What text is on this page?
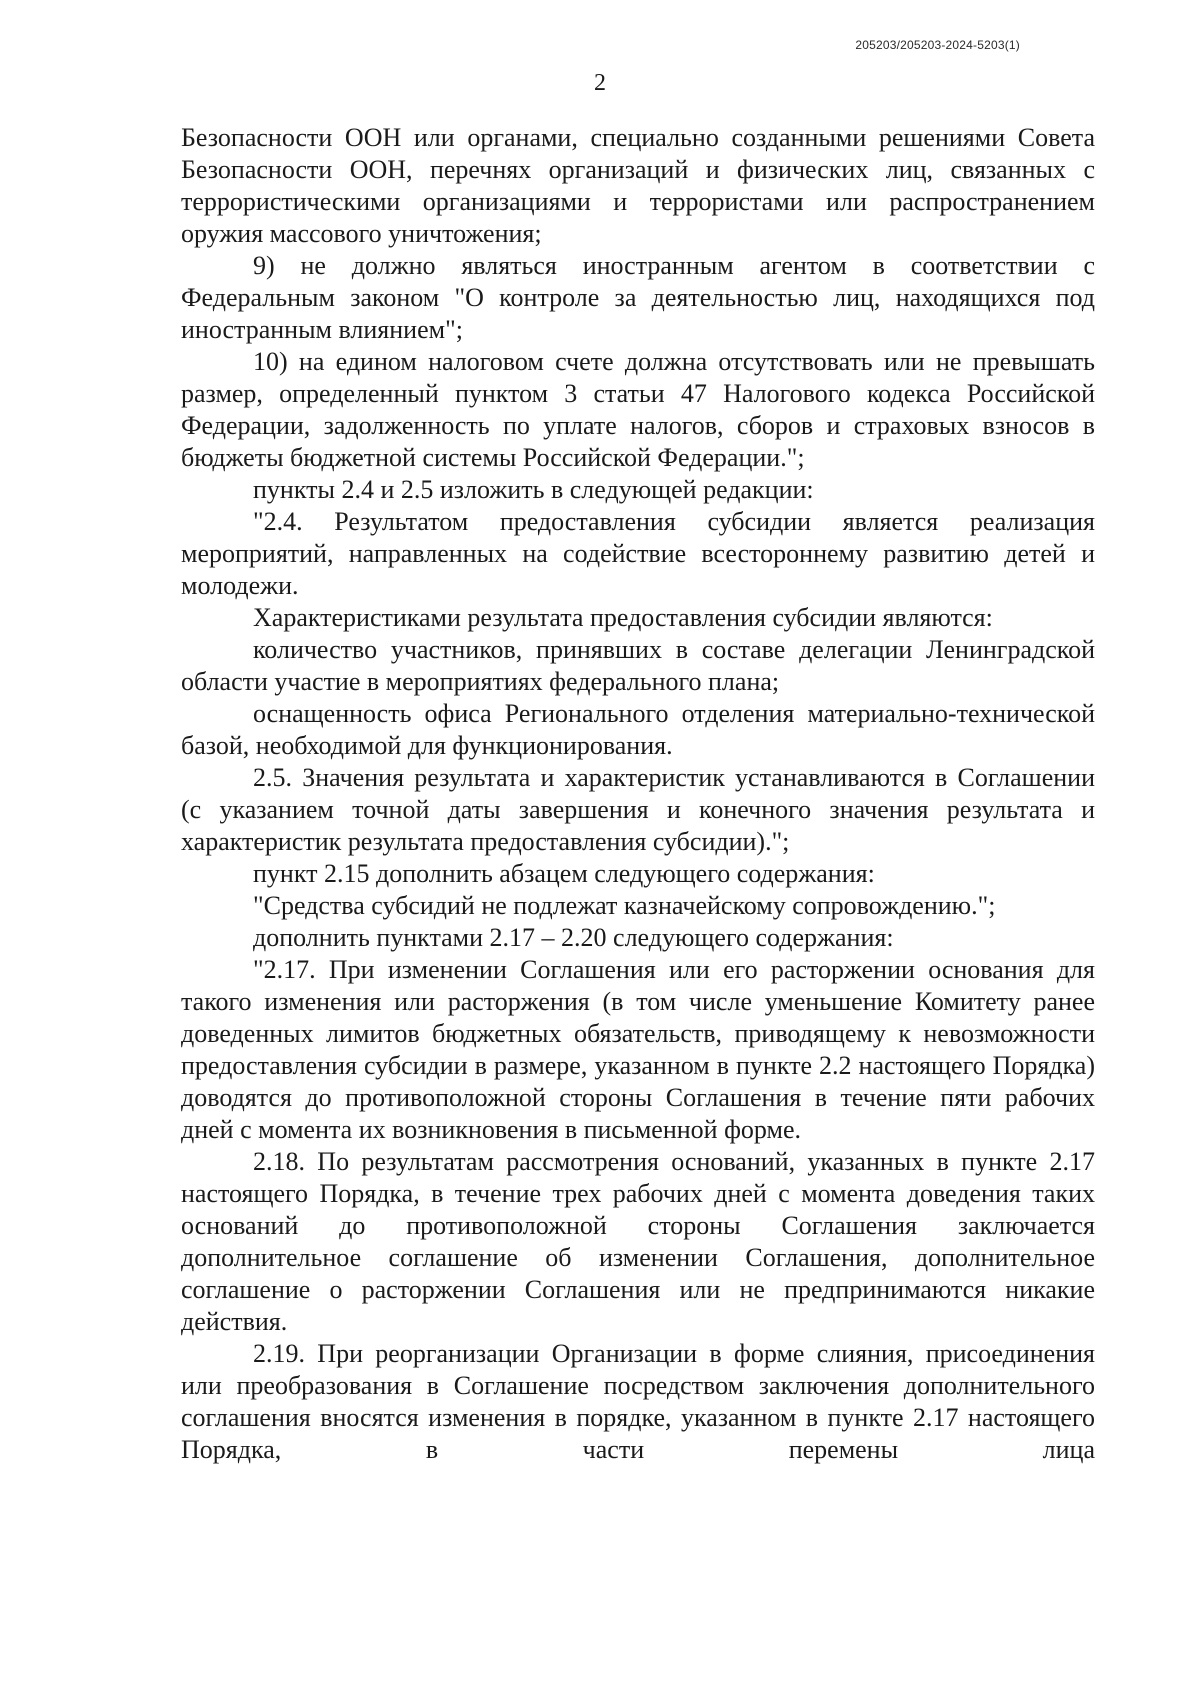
205203/205203-2024-5203(1)
2

Безопасности ООН или органами, специально созданными решениями Совета Безопасности ООН, перечнях организаций и физических лиц, связанных с террористическими организациями и террористами или распространением оружия массового уничтожения;

9) не должно являться иностранным агентом в соответствии с Федеральным законом "О контроле за деятельностью лиц, находящихся под иностранным влиянием";

10) на едином налоговом счете должна отсутствовать или не превышать размер, определенный пунктом 3 статьи 47 Налогового кодекса Российской Федерации, задолженность по уплате налогов, сборов и страховых взносов в бюджеты бюджетной системы Российской Федерации.";

пункты 2.4 и 2.5 изложить в следующей редакции:

"2.4. Результатом предоставления субсидии является реализация мероприятий, направленных на содействие всестороннему развитию детей и молодежи.

Характеристиками результата предоставления субсидии являются:

количество участников, принявших в составе делегации Ленинградской области участие в мероприятиях федерального плана;

оснащенность офиса Регионального отделения материально-технической базой, необходимой для функционирования.

2.5. Значения результата и характеристик устанавливаются в Соглашении (с указанием точной даты завершения и конечного значения результата и характеристик результата предоставления субсидии).";

пункт 2.15 дополнить абзацем следующего содержания:

"Средства субсидий не подлежат казначейскому сопровождению.";

дополнить пунктами 2.17 – 2.20 следующего содержания:

"2.17. При изменении Соглашения или его расторжении основания для такого изменения или расторжения (в том числе уменьшение Комитету ранее доведенных лимитов бюджетных обязательств, приводящему к невозможности предоставления субсидии в размере, указанном в пункте 2.2 настоящего Порядка) доводятся до противоположной стороны Соглашения в течение пяти рабочих дней с момента их возникновения в письменной форме.

2.18. По результатам рассмотрения оснований, указанных в пункте 2.17 настоящего Порядка, в течение трех рабочих дней с момента доведения таких оснований до противоположной стороны Соглашения заключается дополнительное соглашение об изменении Соглашения, дополнительное соглашение о расторжении Соглашения или не предпринимаются никакие действия.

2.19. При реорганизации Организации в форме слияния, присоединения или преобразования в Соглашение посредством заключения дополнительного соглашения вносятся изменения в порядке, указанном в пункте 2.17 настоящего Порядка, в части перемены лица
